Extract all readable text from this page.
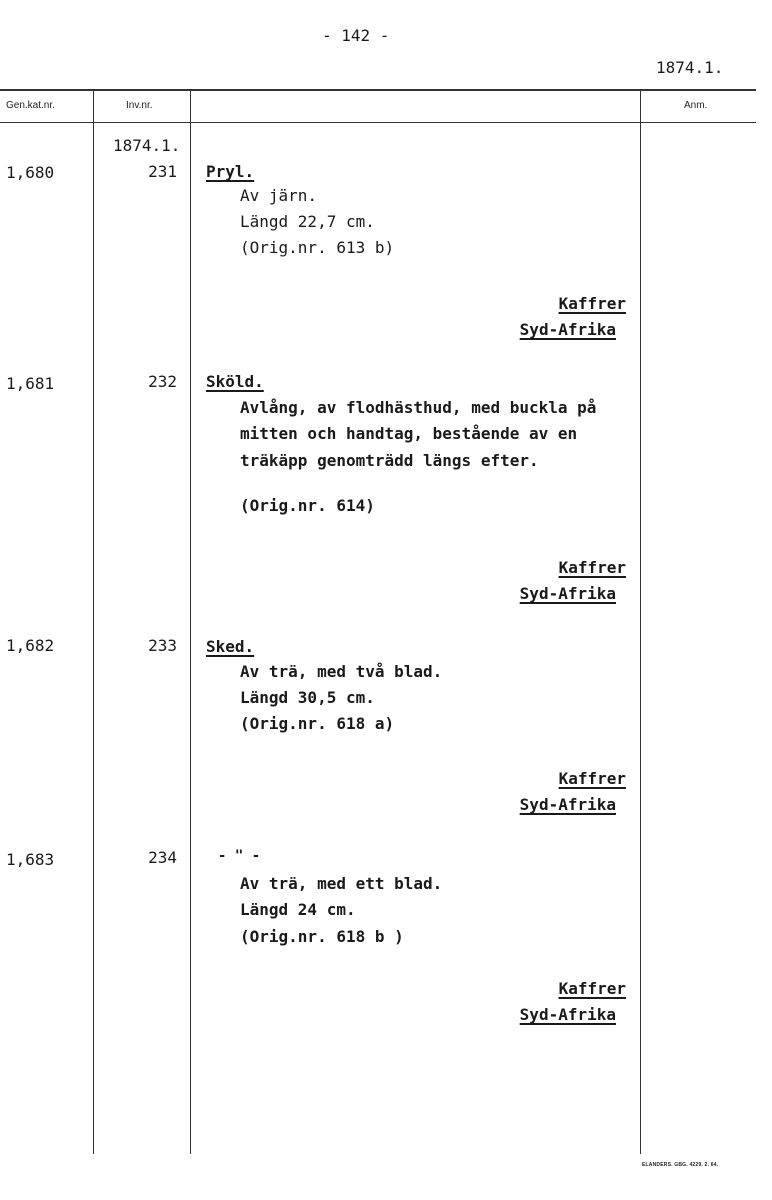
- 142 -
1874.1.
Gen.kat.nr.	Inv.nr.	Anm.
1874.1.
1,680	231 Pryl.
Av järn.
Längd 22,7 cm.
(Orig.nr. 613 b)
Kaffrer
Syd-Afrika
1,681	232 Sköld.
Avlång, av flodhästhud, med buckla på
mitten och handtag, bestående av en
träkäpp genomträdd längs efter.
(Orig.nr. 614)
Kaffrer
Syd-Afrika
1,682	233 Sked.
Av trä, med två blad.
Längd 30,5 cm.
(Orig.nr. 618 a)
Kaffrer
Syd-Afrika
1,683	234	- " -
Av trä, med ett blad.
Längd 24 cm.
(Orig.nr. 618 b )
Kaffrer
Syd-Afrika
ELANDERS. GBG. 4229. 2. 64.
